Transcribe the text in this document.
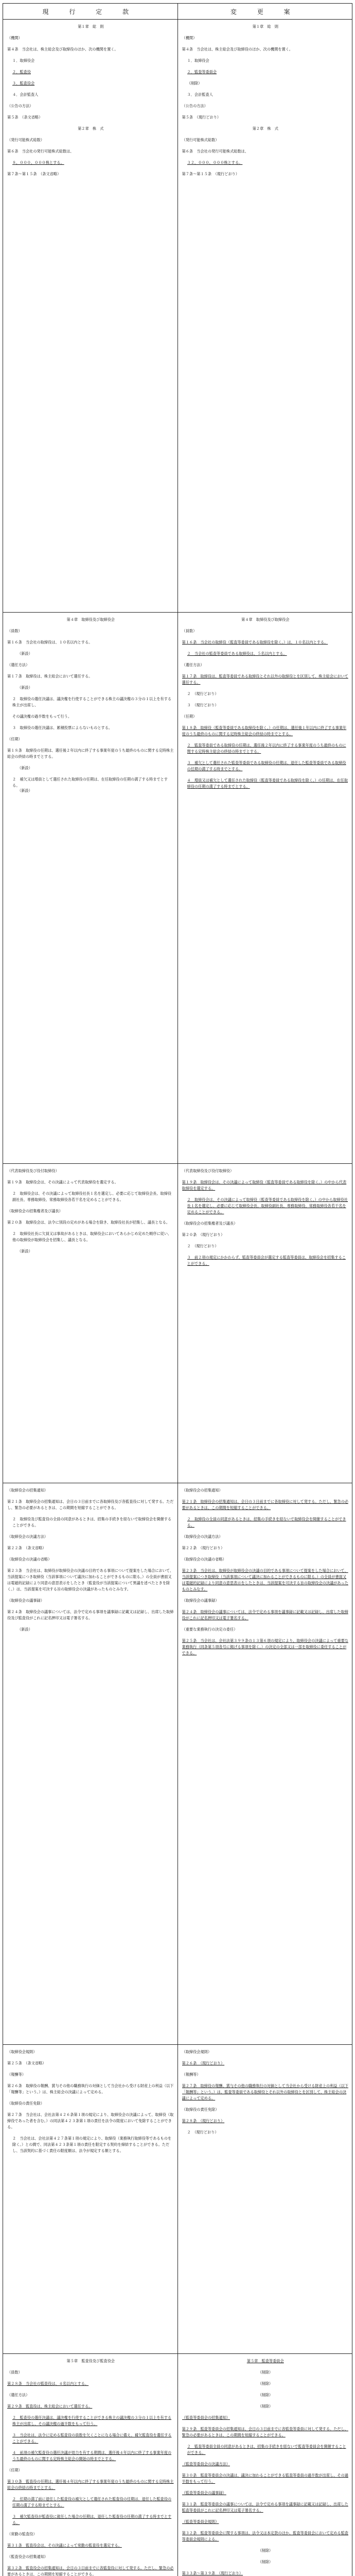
現 行 定 款	変 更 案
第１章　総　則
（機関）
第４条　当会社は、株主総会及び取締役のほか、次の機関を置く。
１．取締役会
２．監査役
３．監査役会
４．会計監査人
（公告の方法）
第５条　（条文省略）
第２章　株　式
（発行可能株式総数）
第６条　当会社の発行可能株式総数は、
８，０００，０００株とする。
第７条～第１５条　（条文省略）
第４章　取締役及び取締役会
（員数）
第１６条　当会社の取締役は、１０名以内とする。
（新設）
（選任方法）
第１７条　取締役は、株主総会において選任する。
（新設）
２　取締役の選任決議は、議決権を行使することができる株主の議決権の３分の１以上を有する株主が出席し、
その議決権の過半数をもって行う。
３　取締役の選任決議は、累積投票によらないものとする。
（任期）
第１８条　取締役の任期は、選任後２年以内に終了する事業年度のうち最終のものに関する定時株主総会の終結の時までとする。
（新設）
２　補欠又は増員として選任された取締役の任期は、在任取締役の任期の満了する時までとする。
（新設）
（代表取締役及び役付取締役）
第１９条　取締役会は、その決議によって代表取締役を選定する。
２　取締役会は、その決議によって取締役社長１名を選定し、必要に応じて取締役会長、取締役副社長、専務取締役、常務取締役各若干名を定めることができる。
（取締役会の招集権者及び議長）
第２０条　取締役会は、法令に別段の定めがある場合を除き、取締役社長が招集し、議長となる。
２　取締役社長に欠員又は事故があるときは、取締役会においてあらかじめ定めた順序に従い、他の取締役が取締役会を招集し、議長となる。
（新設）
（取締役会の招集通知）
第２１条　取締役会の招集通知は、会日の３日前までに各取締役及び各監査役に対して発する。ただし、緊急の必要があるときは、この期間を短縮することができる。
２　取締役及び監査役の全員の同意があるときは、招集の手続きを経ないで取締役会を開催することができる。
（取締役会の決議方法）
第２２条　（条文省略）
（取締役会の決議の省略）
第２３条　当会社は、取締役が取締役会の決議の目的である事項について提案をした場合において、当該提案につき取締役（当該事項について議決に加わることができるものに限る。）の全員が書面又は電磁的記録により同意の意思表示をしたとき（監査役が当該提案について異議を述べたときを除く。）は、当該提案を可決する旨の取締役会の決議があったものとみなす。
（取締役会の議事録）
第２４条　取締役会の議事については、法令で定める事項を議事録に記載又は記録し、出席した取締役及び監査役がこれに記名押印又は電子署名する。
（新設）
（取締役会規則）
第２５条　（条文省略）
（報酬等）
第２６条　取締役の報酬、賞与その他の職務執行の対価として当会社から受ける財産上の利益（以下「報酬等」という。）は、株主総会の決議によって定める。
（取締役の責任免除）
第２７条　当会社は、会社法第４２６条第１項の規定により、取締役会の決議によって、取締役（取締役であった者を含む。）の同法第４２３条第１項の責任を法令の限度において免除することができる。
２　当会社は、会社法第４２７条第１項の規定により、取締役（業務執行取締役等であるものを除く。）との間で、同法第４２３条第１項の責任を限定する契約を締結することができる。ただし、当該契約に基づく責任の限度額は、法令が規定する額とする。
第５章　監査役及び監査役会
（員数）
第２８条　当会社の監査役は、４名以内とする。
（選任方法）
第２９条　監査役は、株主総会において選任する。
２　監査役の選任決議は、議決権を行使することができる株主の議決権の３分の１以上を有する株主が出席し、その議決権の過半数をもって行う。
３　当会社は、法令に定める監査役の員数を欠くことになる場合に備え、補欠監査役を選任することができる。
４　前項の補欠監査役の選任決議が効力を有する期間は、選任後４年以内に終了する事業年度のうち最終のものに関する定時株主総会の開始の時までとする。
（任期）
第３０条　監査役の任期は、選任後４年以内に終了する事業年度のうち最終のものに関する定時株主総会の終結の時までとする。
２　任期の満了前に退任した監査役の補欠として選任された監査役の任期は、退任した監査役の任期の満了する時までとする。
３　補欠監査役が監査役に就任した場合の任期は、退任した監査役の任期の満了する時までとする。
（常勤の監査役）
第３１条　監査役会は、その決議によって常勤の監査役を選定する。
（監査役会の招集通知）
第３２条　監査役会の招集通知は、会日の３日前までに各監査役に対して発する。ただし、緊急の必要があるときは、この期間を短縮することができる。
第１章　総　則
（機関）
第４条　当会社は、株主総会及び取締役のほか、次の機関を置く。
１．取締役会
２．監査等委員会
（削除）
３．会計監査人
（公告の方法）
第５条　（現行どおり）
第２章　株　式
（発行可能株式総数）
第６条　当会社の発行可能株式総数は、
３２，０００，０００株とする。
第７条～第１５条　（現行どおり）
第４章　取締役及び取締役会
（員数）
第１６条　当会社の取締役（監査等委員である取締役を除く。）は、１０名以内とする。
２　当会社の監査等委員である取締役は、５名以内とする。
（選任方法）
第１７条　取締役は、監査等委員である取締役とそれ以外の取締役とを区別して、株主総会において選任する。
２　（現行どおり）
３　（現行どおり）
（任期）
第１８条　取締役（監査等委員である取締役を除く。）の任期は、選任後１年以内に終了する事業年度のうち最終のものに関する定時株主総会の終結の時までとする。
２　監査等委員である取締役の任期は、選任後２年以内に終了する事業年度のうち最終のものに関する定時株主総会の終結の時までとする。
３　補欠として選任された監査等委員である取締役の任期は、退任した監査等委員である取締役の任期の満了する時までとする。
４　増員又は補欠として選任された取締役（監査等委員である取締役を除く。）の任期は、在任取締役の任期の満了する時までとする。
（代表取締役及び役付取締役）
第１９条　取締役会は、その決議によって取締役（監査等委員である取締役を除く。）の中から代表取締役を選定する。
２　取締役会は、その決議によって取締役（監査等委員である取締役を除く。）の中から取締役社長１名を選定し、必要に応じて取締役会長、取締役副社長、専務取締役、常務取締役各若干名を定めることができる。
（取締役会の招集権者及び議長）
第２０条　（現行どおり）
２　（現行どおり）
３　前２項の規定にかかわらず、監査等委員会が選定する監査等委員は、取締役会を招集することができる。
（取締役会の招集通知）
第２１条　取締役会の招集通知は、会日の３日前までに各取締役に対して発する。ただし、緊急の必要があるときは、この期間を短縮することができる。
２　取締役の全員の同意があるときは、招集の手続きを経ないで取締役会を開催することができる。
（取締役会の決議方法）
第２２条　（現行どおり）
（取締役会の決議の省略）
第２３条　当会社は、取締役が取締役会の決議の目的である事項について提案をした場合において、当該提案につき取締役（当該事項について議決に加わることができるものに限る。）の全員が書面又は電磁的記録により同意の意思表示をしたときは、当該提案を可決する旨の取締役会の決議があったものとみなす。
（取締役会の議事録）
第２４条　取締役会の議事については、法令で定める事項を議事録に記載又は記録し、出席した取締役がこれに記名押印又は電子署名する。
（重要な業務執行の決定の委任）
第２５条　当会社は、会社法第３９９条の１３第６項の規定により、取締役会の決議によって重要な業務執行（同条第５項各号に掲げる事項を除く。）の決定の全部又は一部を取締役に委任することができる。
（取締役会規則）
第２６条　（現行どおり）
（報酬等）
第２７条　取締役の報酬、賞与その他の職務執行の対価として当会社から受ける財産上の利益（以下「報酬等」という。）は、監査等委員である取締役とそれ以外の取締役とを区別して、株主総会の決議によって定める。
（取締役の責任免除）
第２８条　（現行どおり）
２　（現行どおり）
第５章　監査等委員会
（削除）
（削除）
（削除）
（削除）
（監査等委員会の招集通知）
第２９条　監査等委員会の招集通知は、会日の３日前までに各監査等委員に対して発する。ただし、緊急の必要があるときは、この期間を短縮することができる。
２　監査等委員全員の同意があるときは、招集の手続きを経ないで監査等委員会を開催することができる。
（監査等委員会の決議方法）
第３０条　監査等委員会の決議は、議決に加わることができる監査等委員の過半数が出席し、その過半数をもって行う。
（監査等委員会の議事録）
第３１条　監査等委員会の議事については、法令で定める事項を議事録に記載又は記録し、出席した監査等委員がこれに記名押印又は電子署名する。
（監査等委員会規則）
第３２条　監査等委員会に関する事項は、法令又は本定款のほか、監査等委員会において定める監査等委員会規則による。
（削除）
（削除）
第３３条～第３９条　（現行どおり）
